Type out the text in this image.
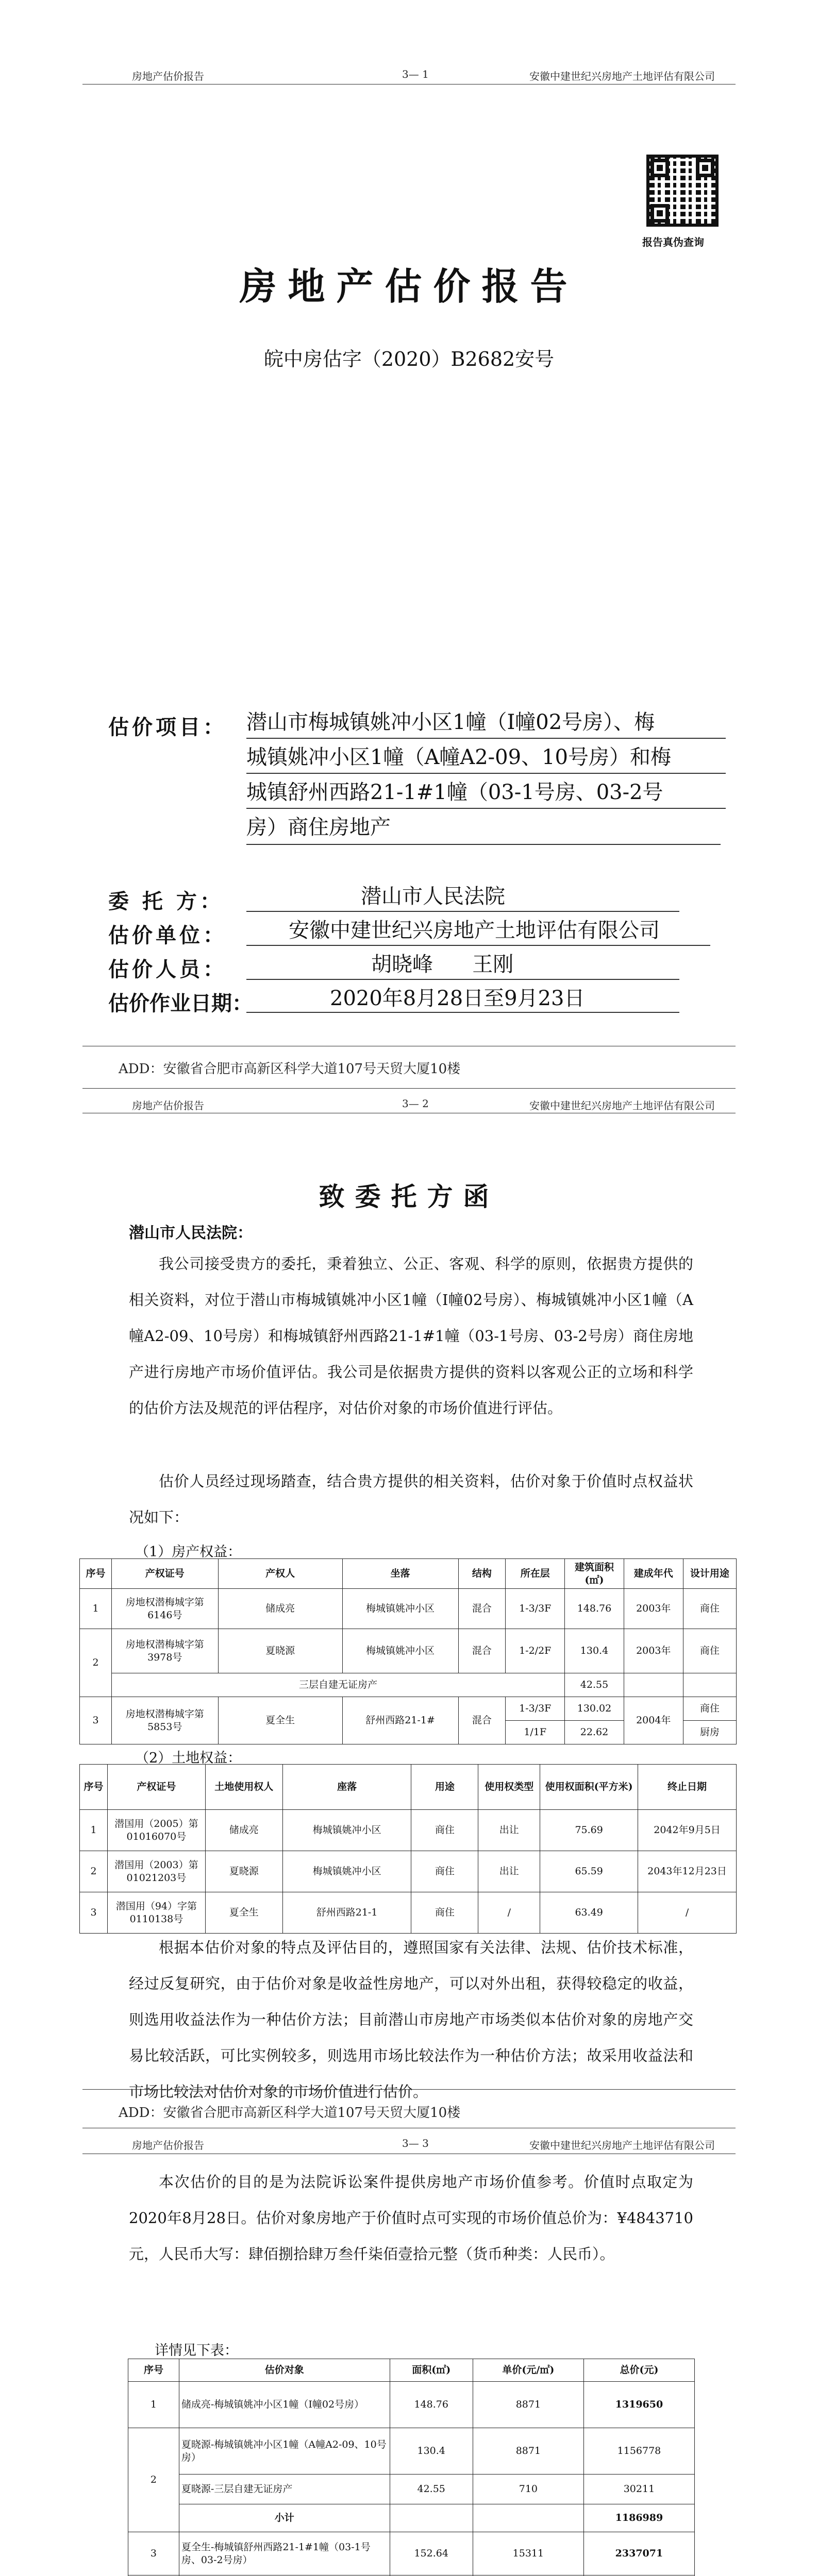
房地产估价报告	3— 1	安徽中建世纪兴房地产土地评估有限公司
报告真伪查询
房地产估价报告
皖中房估字（2020）B2682安号
估价项目： 潜山市梅城镇姚冲小区1幢（Ⅰ幢02号房）、梅
城镇姚冲小区1幢（A幢A2-09、10号房）和梅
城镇舒州西路21-1#1幢（03-1号房、03-2号
房）商住房地产
委 托 方：	潜山市人民法院
估价单位：	安徽中建世纪兴房地产土地评估有限公司
估价人员：	胡晓峰      王刚
估价作业日期：	2020年8月28日至9月23日
ADD：安徽省合肥市高新区科学大道107号天贸大厦10楼
房地产估价报告	3— 2	安徽中建世纪兴房地产土地评估有限公司
致委托方函
潜山市人民法院：
我公司接受贵方的委托，秉着独立、公正、客观、科学的原则，依据贵方提供的相关资料，对位于潜山市梅城镇姚冲小区1幢（Ⅰ幢02号房）、梅城镇姚冲小区1幢（A幢A2-09、10号房）和梅城镇舒州西路21-1#1幢（03-1号房、03-2号房）商住房地产进行房地产市场价值评估。我公司是依据贵方提供的资料以客观公正的立场和科学的估价方法及规范的评估程序，对估价对象的市场价值进行评估。
估价人员经过现场踏查，结合贵方提供的相关资料，估价对象于价值时点权益状况如下：
（1）房产权益：
序号	产权证号	产权人	坐落	结构	所在层	建筑面积(㎡)	建成年代	设计用途
1	房地权潜梅城字第6146号	储成亮	梅城镇姚冲小区	混合	1-3/3F	148.76	2003年	商住
2	房地权潜梅城字第3978号	夏晓源	梅城镇姚冲小区	混合	1-2/2F	130.4	2003年	商住
	三层自建无证房产					42.55		
3	房地权潜梅城字第5853号	夏全生	舒州西路21-1#	混合	1-3/3F	130.02	2004年	商住
					1/1F	22.62		厨房
（2）土地权益：
序号	产权证号	土地使用权人	座落	用途	使用权类型	使用权面积(平方米)	终止日期
1	潜国用（2005）第01016070号	储成亮	梅城镇姚冲小区	商住	出让	75.69	2042年9月5日
2	潜国用（2003）第01021203号	夏晓源	梅城镇姚冲小区	商住	出让	65.59	2043年12月23日
3	潜国用（94）字第0110138号	夏全生	舒州西路21-1	商住	/	63.49	/
根据本估价对象的特点及评估目的，遵照国家有关法律、法规、估价技术标准，经过反复研究，由于估价对象是收益性房地产，可以对外出租，获得较稳定的收益，则选用收益法作为一种估价方法；目前潜山市房地产市场类似本估价对象的房地产交易比较活跃，可比实例较多，则选用市场比较法作为一种估价方法；故采用收益法和市场比较法对估价对象的市场价值进行估价。
ADD：安徽省合肥市高新区科学大道107号天贸大厦10楼
房地产估价报告	3— 3	安徽中建世纪兴房地产土地评估有限公司
本次估价的目的是为法院诉讼案件提供房地产市场价值参考。价值时点取定为2020年8月28日。估价对象房地产于价值时点可实现的市场价值总价为：¥4843710元，人民币大写：肆佰捌拾肆万叁仟柒佰壹拾元整（货币种类：人民币）。
详情见下表：
序号	估价对象	面积(㎡)	单价(元/㎡)	总价(元)
1	储成亮-梅城镇姚冲小区1幢（Ⅰ幢02号房）	148.76	8871	1319650
2	夏晓源-梅城镇姚冲小区1幢（A幢A2-09、10号房）	130.4	8871	1156778
	夏晓源-三层自建无证房产	42.55	710	30211
	小计			1186989
3	夏全生-梅城镇舒州西路21-1#1幢（03-1号房、03-2号房）	152.64	15311	2337071
